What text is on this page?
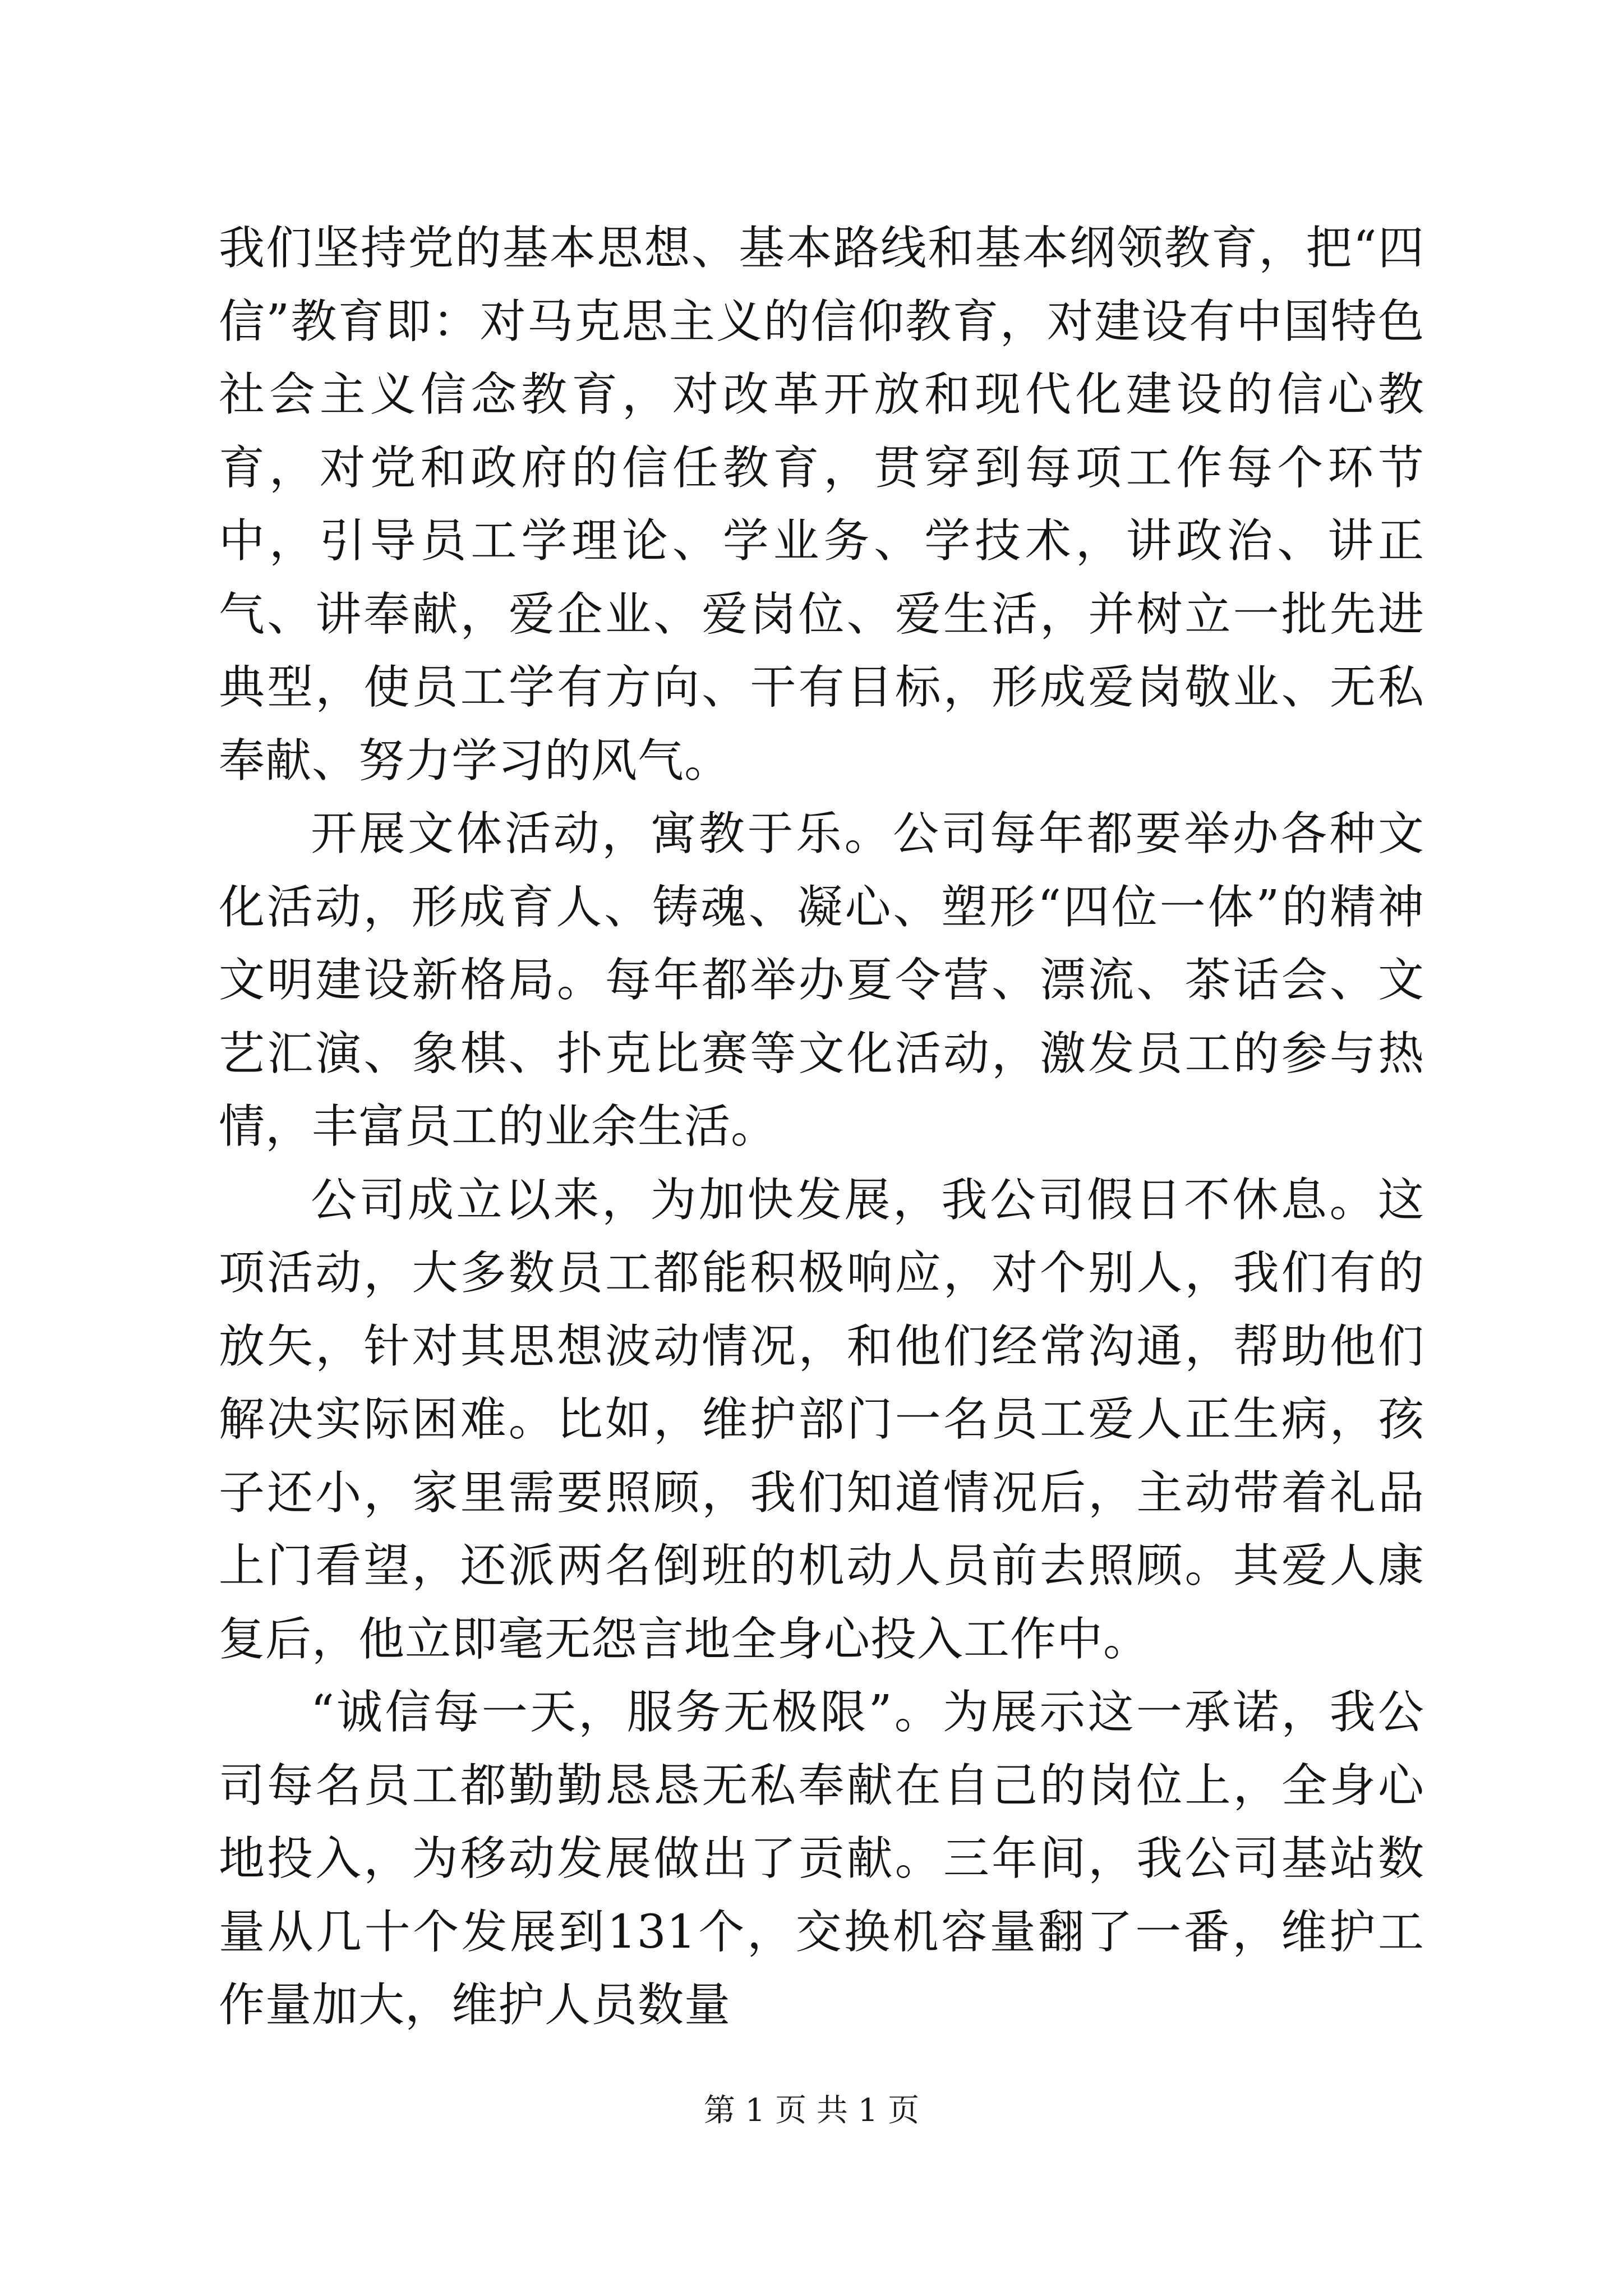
我们坚持党的基本思想、基本路线和基本纲领教育，把“四信”教育即：对马克思主义的信仰教育，对建设有中国特色社会主义信念教育，对改革开放和现代化建设的信心教育，对党和政府的信任教育，贯穿到每项工作每个环节中，引导员工学理论、学业务、学技术，讲政治、讲正气、讲奉献，爱企业、爱岗位、爱生活，并树立一批先进典型，使员工学有方向、干有目标，形成爱岗敬业、无私奉献、努力学习的风气。

开展文体活动，寓教于乐。公司每年都要举办各种文化活动，形成育人、铸魂、凝心、塑形“四位一体”的精神文明建设新格局。每年都举办夏令营、漂流、茶话会、文艺汇演、象棋、扑克比赛等文化活动，激发员工的参与热情，丰富员工的业余生活。

公司成立以来，为加快发展，我公司假日不休息。这项活动，大多数员工都能积极响应，对个别人，我们有的放矢，针对其思想波动情况，和他们经常沟通，帮助他们解决实际困难。比如，维护部门一名员工爱人正生病，孩子还小，家里需要照顾，我们知道情况后，主动带着礼品上门看望，还派两名倒班的机动人员前去照顾。其爱人康复后，他立即毫无怨言地全身心投入工作中。

“诚信每一天，服务无极限”。为展示这一承诺，我公司每名员工都勤勤恳恳无私奉献在自己的岗位上，全身心地投入，为移动发展做出了贡献。三年间，我公司基站数量从几十个发展到131个，交换机容量翻了一番，维护工作量加大，维护人员数量

第 1 页 共 1 页
